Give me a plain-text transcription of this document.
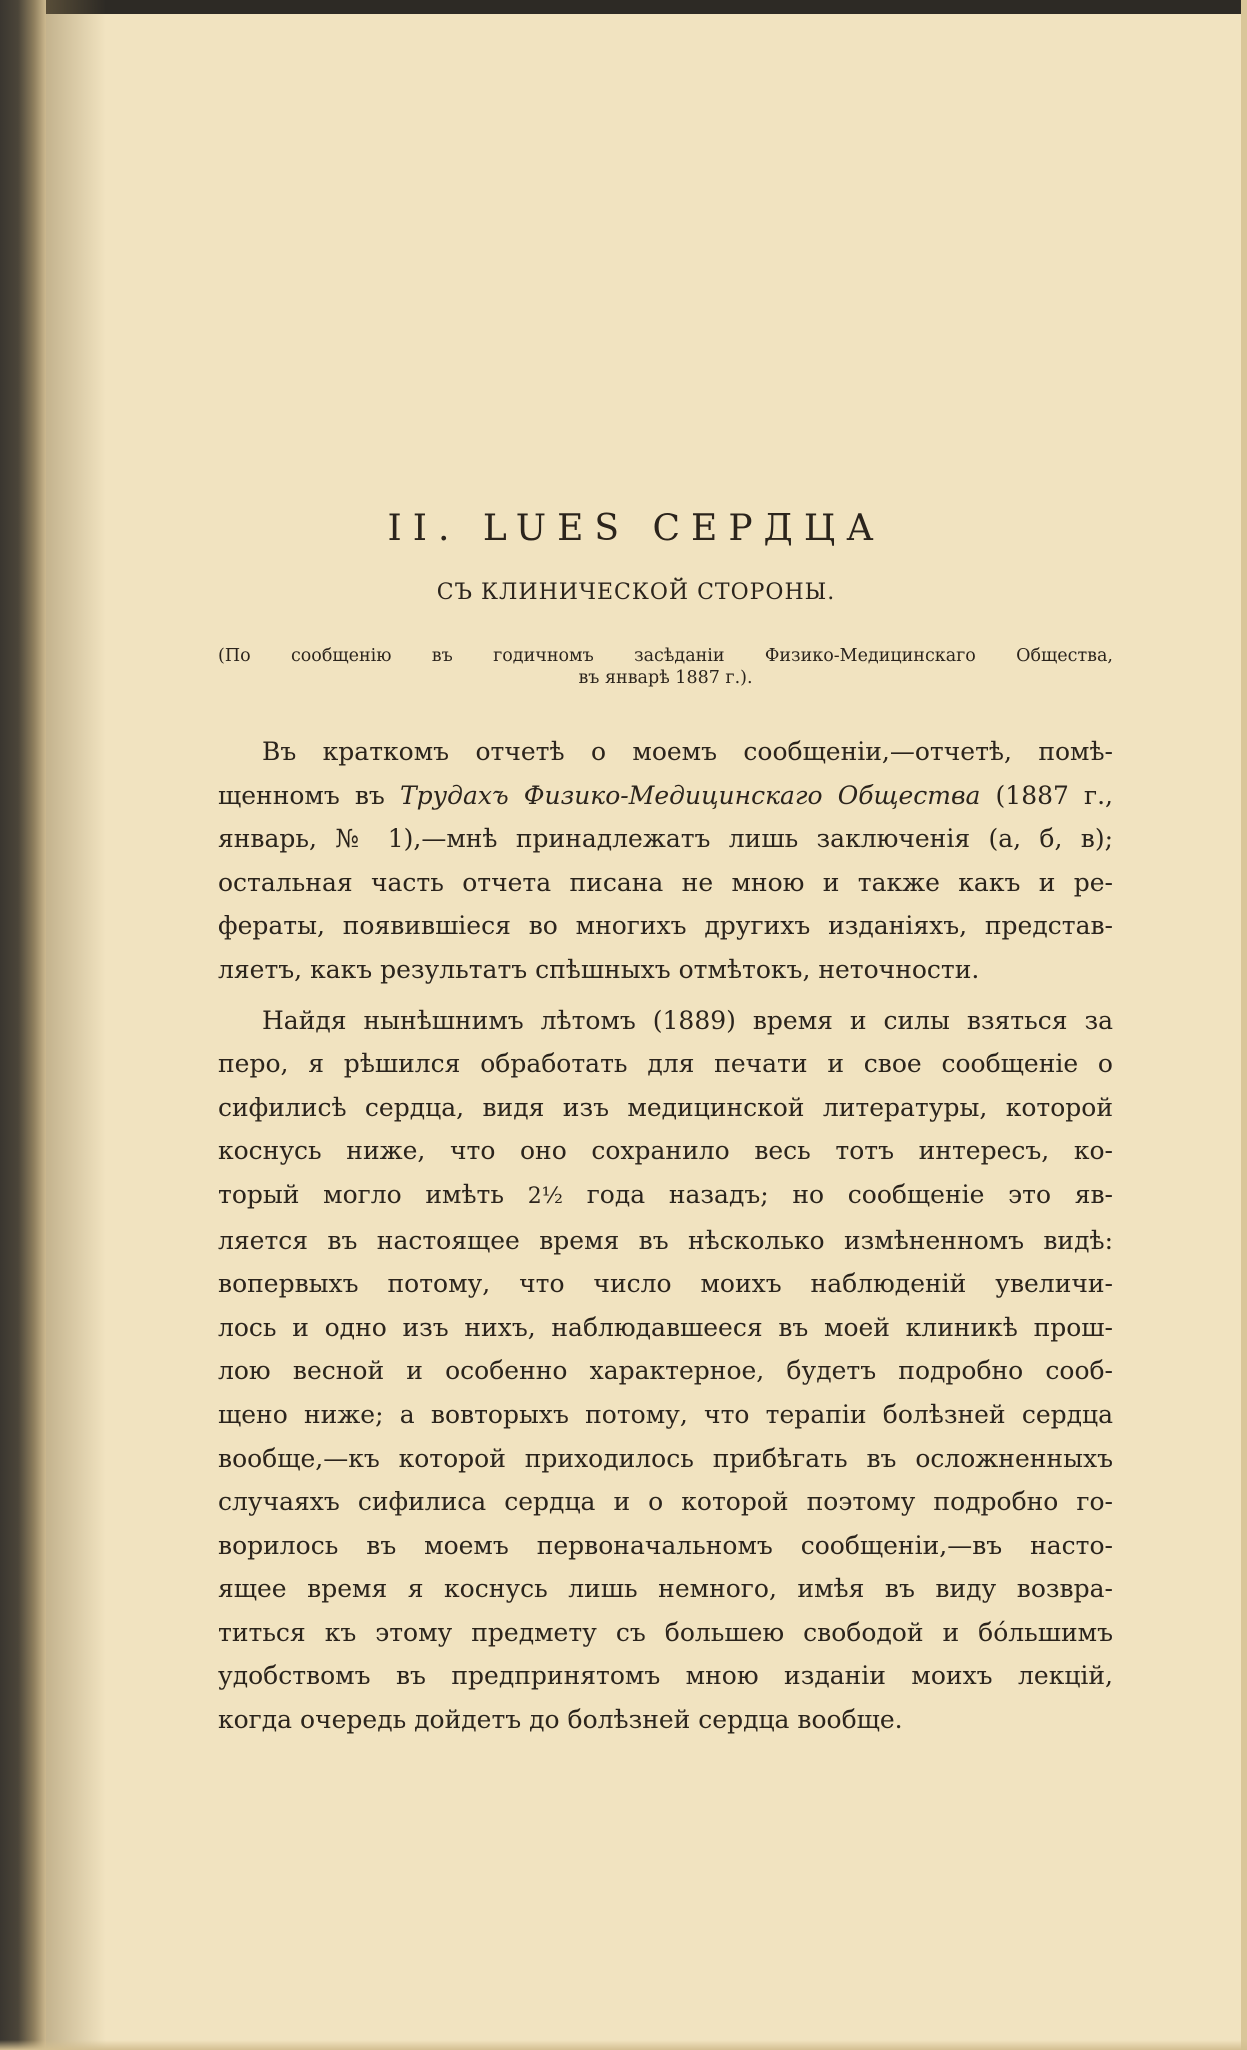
II. LUES СЕРДЦА
СЪ КЛИНИЧЕСКОЙ СТОРОНЫ.
(По сообщенію въ годичномъ засѣданіи Физико-Медицинскаго Общества,
въ январѣ 1887 г.).
Въ краткомъ отчетѣ о моемъ сообщеніи,—отчетѣ, помѣ-
щенномъ въ Трудахъ Физико-Медицинскаго Общества (1887 г.,
январь, № 1),—мнѣ принадлежатъ лишь заключенія (а, б, в);
остальная часть отчета писана не мною и также какъ и ре-
фераты, появившіеся во многихъ другихъ изданіяхъ, представ-
ляетъ, какъ результатъ спѣшныхъ отмѣтокъ, неточности.
Найдя нынѣшнимъ лѣтомъ (1889) время и силы взяться за
перо, я рѣшился обработать для печати и свое сообщеніе о
сифилисѣ сердца, видя изъ медицинской литературы, которой
коснусь ниже, что оно сохранило весь тотъ интересъ, ко-
торый могло имѣть 2½ года назадъ; но сообщеніе это яв-
ляется въ настоящее время въ нѣсколько измѣненномъ видѣ:
вопервыхъ потому, что число моихъ наблюденій увеличи-
лось и одно изъ нихъ, наблюдавшееся въ моей клиникѣ прош-
лою весной и особенно характерное, будетъ подробно сооб-
щено ниже; а вовторыхъ потому, что терапіи болѣзней сердца
вообще,—къ которой приходилось прибѣгать въ осложненныхъ
случаяхъ сифилиса сердца и о которой поэтому подробно го-
ворилось въ моемъ первоначальномъ сообщеніи,—въ насто-
ящее время я коснусь лишь немного, имѣя въ виду возвра-
титься къ этому предмету съ большею свободой и бóльшимъ
удобствомъ въ предпринятомъ мною изданіи моихъ лекцій,
когда очередь дойдетъ до болѣзней сердца вообще.
